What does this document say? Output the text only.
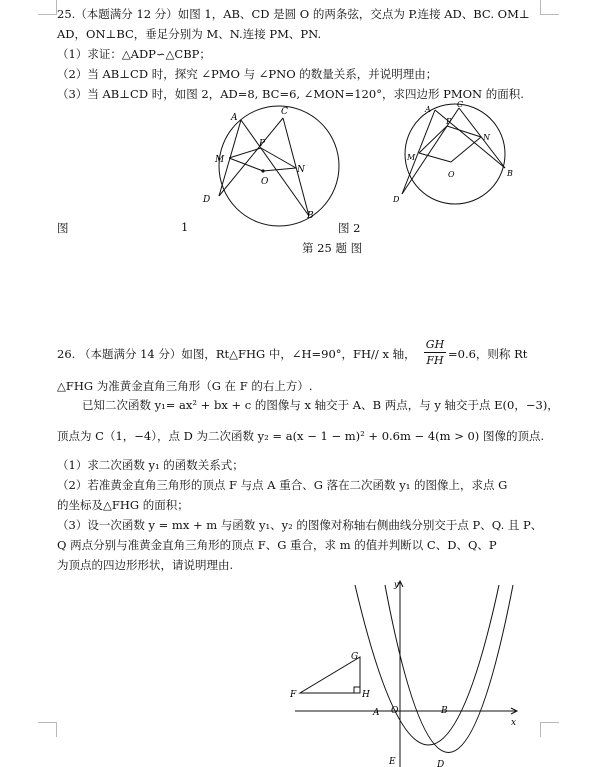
25.（本题满分 12 分）如图 1，AB、CD 是圆 O 的两条弦，交点为 P.连接 AD、BC. OM⊥
AD，ON⊥BC，垂足分别为 M、N.连接 PM、PN.
（1）求证：△ADP∽△CBP；
（2）当 AB⊥CD 时，探究 ∠PMO 与 ∠PNO 的数量关系，并说明理由；
（3）当 AB⊥CD 时，如图 2，AD=8, BC=6, ∠MON=120°，求四边形 PMON 的面积.
A
C
M
P
O
N
D
B
A
C
P
N
M
O	B
D
图	1	图 2
第 25 题 图
26. （本题满分 14 分）如图，Rt△FHG 中，∠H=90°，FH// x 轴， $\frac{GH}{FH} =0.6$，则称 Rt
△FHG 为准黄金直角三角形（G 在 F 的右上方）.
已知二次函数 y₁= ax² + bx + c 的图像与 x 轴交于 A、B 两点，与 y 轴交于点 E(0，−3)，
顶点为 C（1，−4），点 D 为二次函数 y₂ = a(x − 1 − m)² + 0.6m − 4(m > 0) 图像的顶点.
（1）求二次函数 y₁ 的函数关系式；
（2）若准黄金直角三角形的顶点 F 与点 A 重合、G 落在二次函数 y₁ 的图像上，求点 G
的坐标及△FHG 的面积；
（3）设一次函数 y = mx + m 与函数 y₁、y₂ 的图像对称轴右侧曲线分别交于点 P、Q. 且 P、
Q 两点分别与准黄金直角三角形的顶点 F、G 重合，求 m 的值并判断以 C、D、Q、P
为顶点的四边形形状，请说明理由.
y
x
G
F	H
A O	B
E	D
